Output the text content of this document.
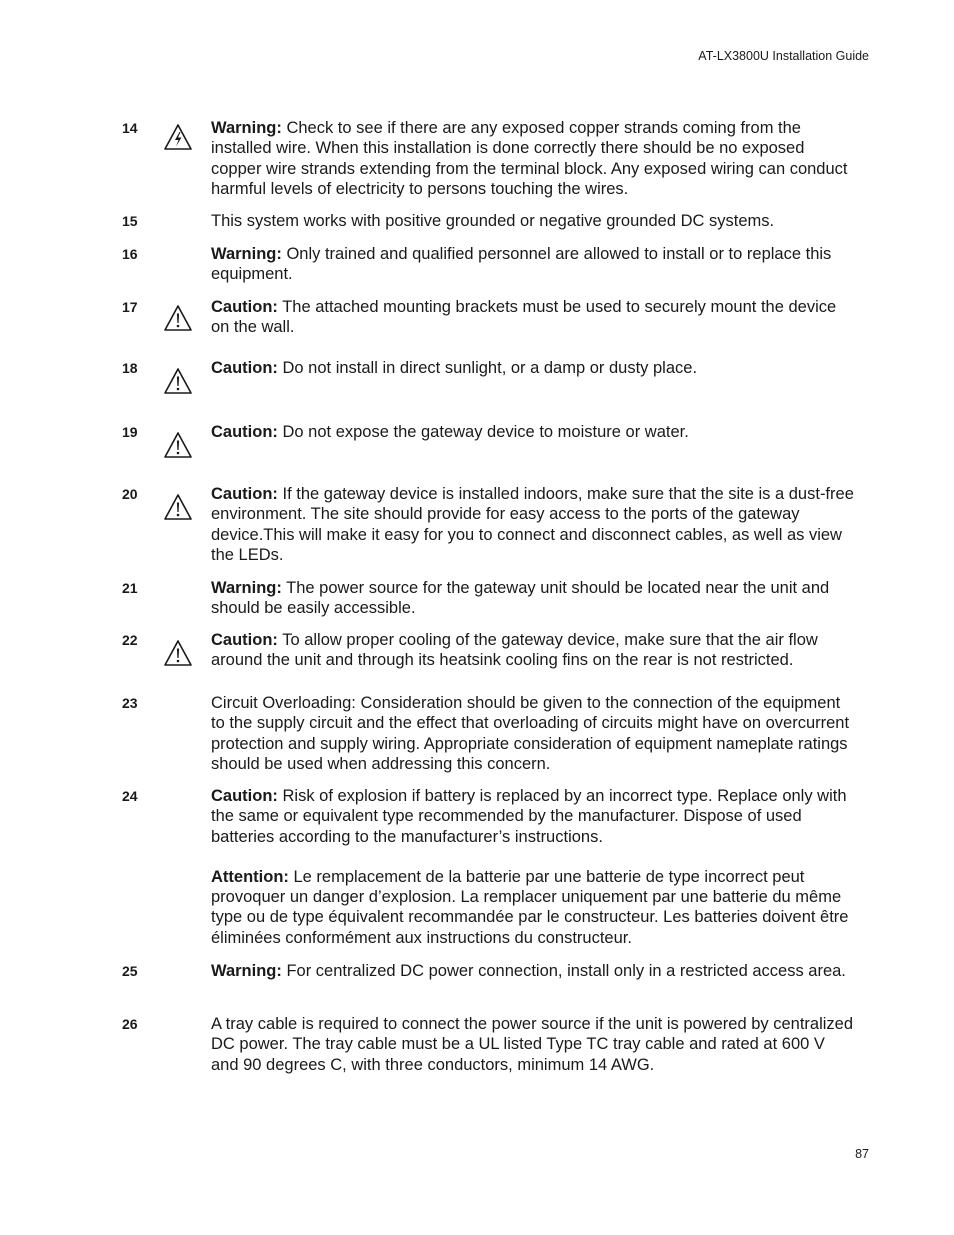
AT-LX3800U Installation Guide
14	Warning: Check to see if there are any exposed copper strands coming from the installed wire. When this installation is done correctly there should be no exposed copper wire strands extending from the terminal block. Any exposed wiring can conduct harmful levels of electricity to persons touching the wires.
15	This system works with positive grounded or negative grounded DC systems.
16	Warning: Only trained and qualified personnel are allowed to install or to replace this equipment.
17	Caution: The attached mounting brackets must be used to securely mount the device on the wall.
18	Caution: Do not install in direct sunlight, or a damp or dusty place.
19	Caution: Do not expose the gateway device to moisture or water.
20	Caution: If the gateway device is installed indoors, make sure that the site is a dust-free environment. The site should provide for easy access to the ports of the gateway device.This will make it easy for you to connect and disconnect cables, as well as view the LEDs.
21	Warning: The power source for the gateway unit should be located near the unit and should be easily accessible.
22	Caution: To allow proper cooling of the gateway device, make sure that the air flow around the unit and through its heatsink cooling fins on the rear is not restricted.
23	Circuit Overloading: Consideration should be given to the connection of the equipment to the supply circuit and the effect that overloading of circuits might have on overcurrent protection and supply wiring. Appropriate consideration of equipment nameplate ratings should be used when addressing this concern.
24	Caution: Risk of explosion if battery is replaced by an incorrect type. Replace only with the same or equivalent type recommended by the manufacturer. Dispose of used batteries according to the manufacturer’s instructions.
Attention: Le remplacement de la batterie par une batterie de type incorrect peut provoquer un danger d’explosion. La remplacer uniquement par une batterie du même type ou de type équivalent recommandée par le constructeur. Les batteries doivent être éliminées conformément aux instructions du constructeur.
25	Warning: For centralized DC power connection, install only in a restricted access area.
26	A tray cable is required to connect the power source if the unit is powered by centralized DC power. The tray cable must be a UL listed Type TC tray cable and rated at 600 V and 90 degrees C, with three conductors, minimum 14 AWG.
87
